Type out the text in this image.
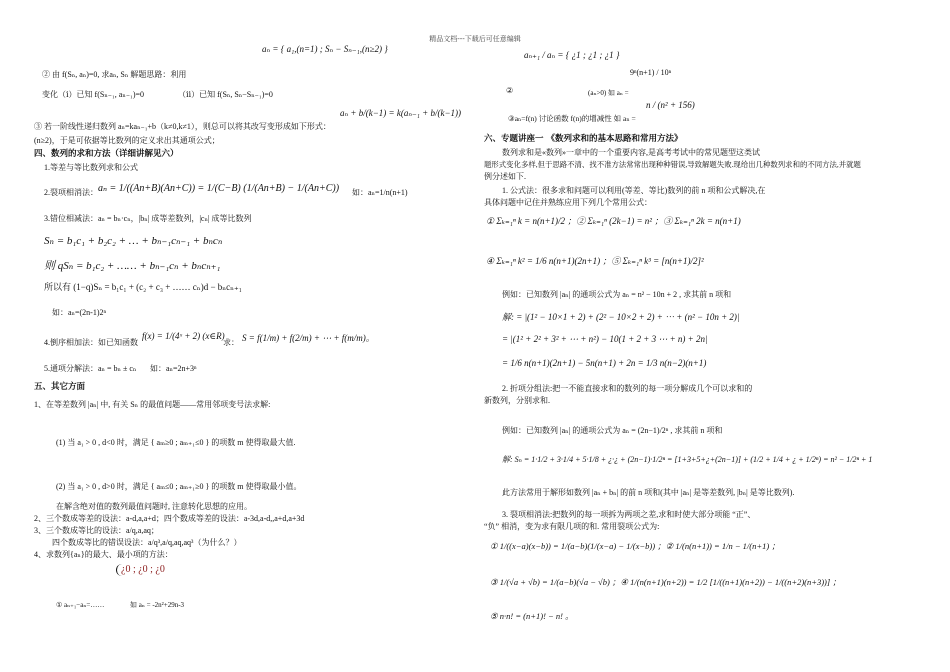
精品文档---下载后可任意编辑
② 由 f(Sₙ, aₙ)=0, 求aₙ, Sₙ 解题思路：利用
aₙ = { a₁,(n=1) ; Sₙ − Sₙ₋₁,(n≥2) }
变化（ⅰ）已知 f(Sₙ₋₁, aₙ₋₁)=0	（ⅱ）已知 f(Sₙ, Sₙ−Sₙ₋₁)=0
aₙ + b/(k−1) = k(aₙ₋₁ + b/(k−1))
③ 若一阶线性递归数列 aₙ=kaₙ₋₁+b（k≠0,k≠1），则总可以将其改写变形成如下形式：
(n≥2)，于是可依据等比数列的定义求出其通项公式；
四、数列的求和方法（详细讲解见六）
1.等差与等比数列求和公式
2.裂项相消法： aₙ = 1/((An+B)(An+C)) = 1/(C−B) (1/(An+B) − 1/(An+C)) 如：aₙ=1/n(n+1)
3.错位相减法：aₙ = bₙ·cₙ，|bₙ| 成等差数列，|cₙ| 成等比数列
Sₙ = b₁c₁ + b₂c₂ + … + bₙ₋₁cₙ₋₁ + bₙcₙ
则 qSₙ = b₁c₂ + …… + bₙ₋₁cₙ + bₙcₙ₊₁
所以有 (1−q)Sₙ = b₁c₁ + (c₂ + c₃ + …… cₙ)d − bₙcₙ₊₁
如：aₙ=(2n-1)2ⁿ
4.倒序相加法：如已知函数
f(x) = 1/(4ˣ + 2) (x∈R)
求： S = f(1/m) + f(2/m) + ⋯ + f(m/m)。
5.通项分解法：aₙ = bₙ ± cₙ 如：aₙ=2n+3ⁿ
五、其它方面
1、在等差数列 |aₙ| 中, 有关 Sₙ 的最值问题——常用邻项变号法求解:
(1) 当 a₁ > 0 , d<0 时，满足 { aₘ≥0 ; aₘ₊₁≤0 } 的项数 m 使得取最大值.
(2) 当 a₁ > 0 , d>0 时，满足 { aₘ≤0 ; aₘ₊₁≥0 } 的项数 m 使得取最小值。
在解含绝对值的数列最值问题时, 注意转化思想的应用。
2、三个数成等差的设法：a-d,a,a+d；四个数成等差的设法：a-3d,a-d,,a+d,a+3d
3、三个数成等比的设法：a/q,a,aq；
四个数成等比的错误设法：a/q³,a/q,aq,aq³（为什么？）
4、求数列{aₙ}的最大、最小项的方法：
¿0 ; ¿0 ; ¿0
① aₙ₊₁−aₙ=……	如 aₙ = -2n²+29n-3
aₙ₊₁ / aₙ = { ¿1 ; ¿1 ; ¿1 }
②	(aₙ>0) 如 aₙ =
9ⁿ(n+1) / 10ⁿ
③aₙ=f(n) 讨论函数 f(n)的增减性 如 aₙ =
n / (n² + 156)
六、专题讲座一 《数列求和的基本思路和常用方法》
数列求和是«数列»一章中的一个重要内容,是高考考试中的常见题型这类试
题形式变化多样,但于思路不清、找不准方法常常出现种种错误,导致解题失败.现给出几种数列求和的不同方法,并就题
例分述如下.
1. 公式法：很多求和问题可以利用(等差、等比)数列的前 n 项和公式解决,在
具体问题中记住并熟练应用下列几个常用公式：
① Σₖ₌₁ⁿ k = n(n+1)/2 ；② Σₖ₌₁ⁿ (2k−1) = n² ；③ Σₖ₌₁ⁿ 2k = n(n+1)
④ Σₖ₌₁ⁿ k² = 1/6 n(n+1)(2n+1) ；⑤ Σₖ₌₁ⁿ k³ = [n(n+1)/2]²
例如：已知数列 |aₙ| 的通项公式为 aₙ = n² − 10n + 2 , 求其前 n 项和
解: = |(1² − 10×1 + 2) + (2² − 10×2 + 2) + ⋯ + (n² − 10n + 2)|
= |(1² + 2² + 3² + ⋯ + n²) − 10(1 + 2 + 3 ⋯ + n) + 2n|
= 1/6 n(n+1)(2n+1) − 5n(n+1) + 2n = 1/3 n(n−2)(n+1)
2. 折项分组法:把一不能直接求和的数列的每一项分解成几个可以求和的
新数列，分别求和.
例如：已知数列 |aₙ| 的通项公式为 aₙ = (2n−1)/2ⁿ , 求其前 n 项和
解: Sₙ = 1·1/2 + 3·1/4 + 5·1/8 + ¿·¿ + (2n−1)·1/2ⁿ = [1+3+5+¿+(2n−1)] + (1/2 + 1/4 + ¿ + 1/2ⁿ) = n² − 1/2ⁿ + 1
此方法常用于解形如数列 |aₙ + bₙ| 的前 n 项和(其中 |aₙ| 是等差数列, |bₙ| 是等比数列).
3. 裂项相消法:把数列的每一项拆为两项之差,求和时使大部分项能 “正”、
“负” 相消，变为求有限几项的和. 常用裂项公式为:
① 1/((x−a)(x−b)) = 1/(a−b)(1/(x−a) − 1/(x−b)) ；② 1/(n(n+1)) = 1/n − 1/(n+1) ；
③ 1/(√a + √b) = 1/(a−b)(√a − √b) ；④ 1/(n(n+1)(n+2)) = 1/2 [1/((n+1)(n+2)) − 1/((n+2)(n+3))] ；
⑤ n·n! = (n+1)! − n! 。
